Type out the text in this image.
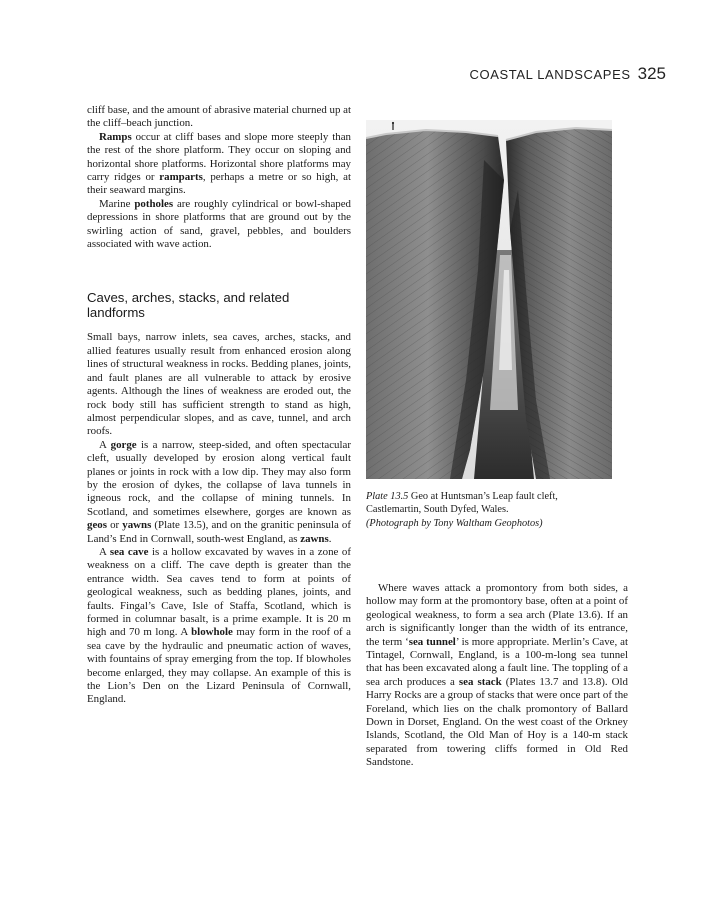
COASTAL LANDSCAPES 325

cliff base, and the amount of abrasive material churned up at the cliff–beach junction.

Ramps occur at cliff bases and slope more steeply than the rest of the shore platform. They occur on sloping and horizontal shore platforms. Horizontal shore platforms may carry ridges or ramparts, perhaps a metre or so high, at their seaward margins.

Marine potholes are roughly cylindrical or bowl-shaped depressions in shore platforms that are ground out by the swirling action of sand, gravel, pebbles, and boulders associated with wave action.

Caves, arches, stacks, and related landforms

Small bays, narrow inlets, sea caves, arches, stacks, and allied features usually result from enhanced erosion along lines of structural weakness in rocks. Bedding planes, joints, and fault planes are all vulnerable to attack by erosive agents. Although the lines of weakness are eroded out, the rock body still has sufficient strength to stand as high, almost perpendicular slopes, and as cave, tunnel, and arch roofs.

A gorge is a narrow, steep-sided, and often spectacular cleft, usually developed by erosion along vertical fault planes or joints in rock with a low dip. They may also form by the erosion of dykes, the collapse of lava tunnels in igneous rock, and the collapse of mining tunnels. In Scotland, and sometimes elsewhere, gorges are known as geos or yawns (Plate 13.5), and on the granitic peninsula of Land’s End in Cornwall, south-west England, as zawns.

A sea cave is a hollow excavated by waves in a zone of weakness on a cliff. The cave depth is greater than the entrance width. Sea caves tend to form at points of geological weakness, such as bedding planes, joints, and faults. Fingal’s Cave, Isle of Staffa, Scotland, which is formed in columnar basalt, is a prime example. It is 20 m high and 70 m long. A blowhole may form in the roof of a sea cave by the hydraulic and pneumatic action of waves, with fountains of spray emerging from the top. If blowholes become enlarged, they may collapse. An example of this is the Lion’s Den on the Lizard Peninsula of Cornwall, England.

Plate 13.5 Geo at Huntsman’s Leap fault cleft, Castlemartin, South Dyfed, Wales.
(Photograph by Tony Waltham Geophotos)

Where waves attack a promontory from both sides, a hollow may form at the promontory base, often at a point of geological weakness, to form a sea arch (Plate 13.6). If an arch is significantly longer than the width of its entrance, the term ‘sea tunnel’ is more appropriate. Merlin’s Cave, at Tintagel, Cornwall, England, is a 100-m-long sea tunnel that has been excavated along a fault line. The toppling of a sea arch produces a sea stack (Plates 13.7 and 13.8). Old Harry Rocks are a group of stacks that were once part of the Foreland, which lies on the chalk promontory of Ballard Down in Dorset, England. On the west coast of the Orkney Islands, Scotland, the Old Man of Hoy is a 140-m stack separated from towering cliffs formed in Old Red Sandstone.
